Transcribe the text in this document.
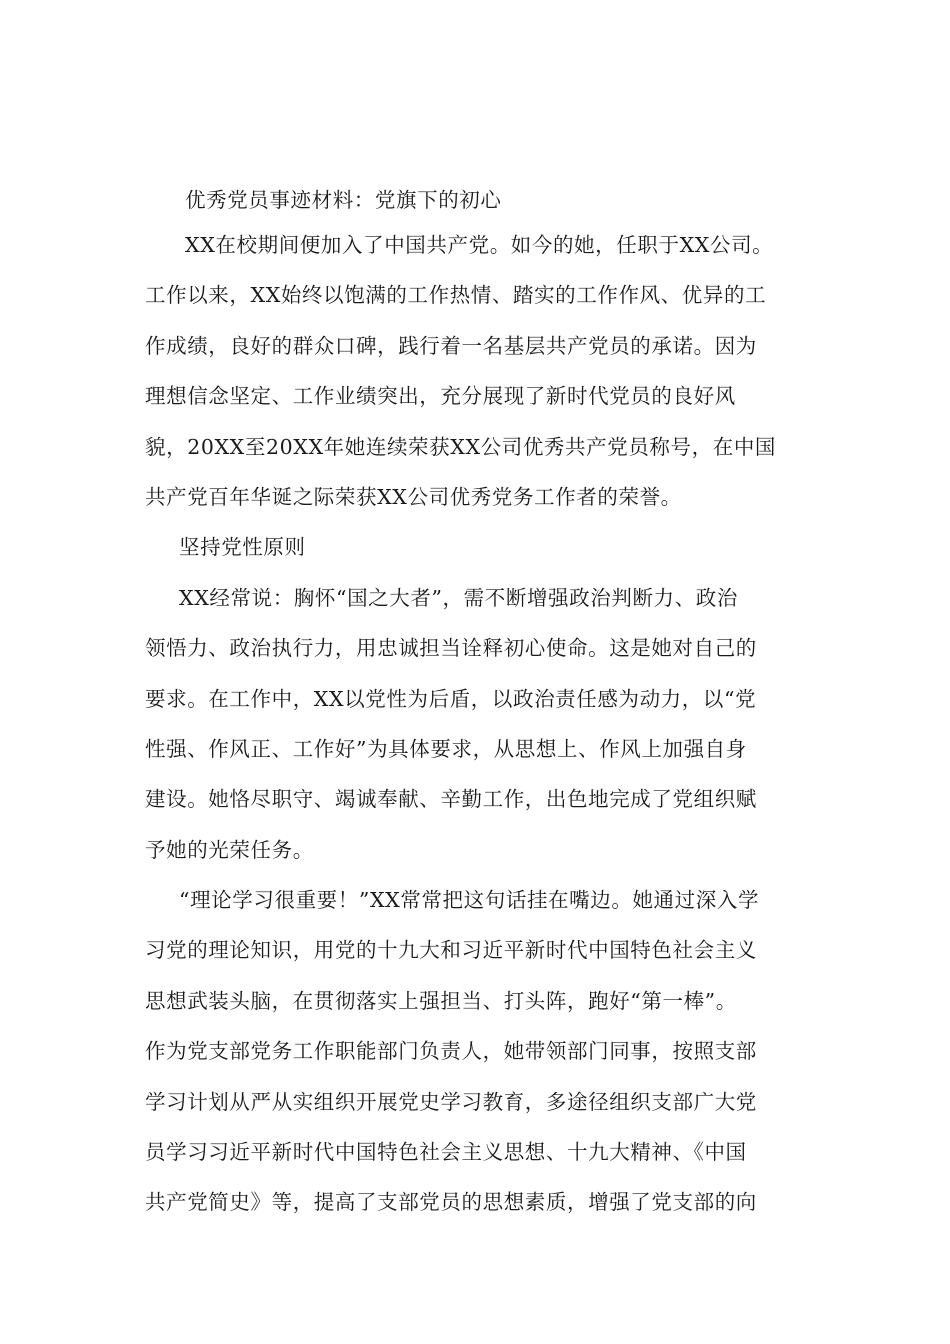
优秀党员事迹材料：党旗下的初心
XX在校期间便加入了中国共产党。如今的她，任职于XX公司。
工作以来，XX始终以饱满的工作热情、踏实的工作作风、优异的工
作成绩，良好的群众口碑，践行着一名基层共产党员的承诺。因为
理想信念坚定、工作业绩突出，充分展现了新时代党员的良好风
貌，20XX至20XX年她连续荣获XX公司优秀共产党员称号，在中国
共产党百年华诞之际荣获XX公司优秀党务工作者的荣誉。
坚持党性原则
XX经常说：胸怀“国之大者”，需不断增强政治判断力、政治
领悟力、政治执行力，用忠诚担当诠释初心使命。这是她对自己的
要求。在工作中，XX以党性为后盾，以政治责任感为动力，以“党
性强、作风正、工作好”为具体要求，从思想上、作风上加强自身
建设。她恪尽职守、竭诚奉献、辛勤工作，出色地完成了党组织赋
予她的光荣任务。
“理论学习很重要！”XX常常把这句话挂在嘴边。她通过深入学
习党的理论知识，用党的十九大和习近平新时代中国特色社会主义
思想武装头脑，在贯彻落实上强担当、打头阵，跑好“第一棒”。
作为党支部党务工作职能部门负责人，她带领部门同事，按照支部
学习计划从严从实组织开展党史学习教育，多途径组织支部广大党
员学习习近平新时代中国特色社会主义思想、十九大精神、《中国
共产党简史》等，提高了支部党员的思想素质，增强了党支部的向
